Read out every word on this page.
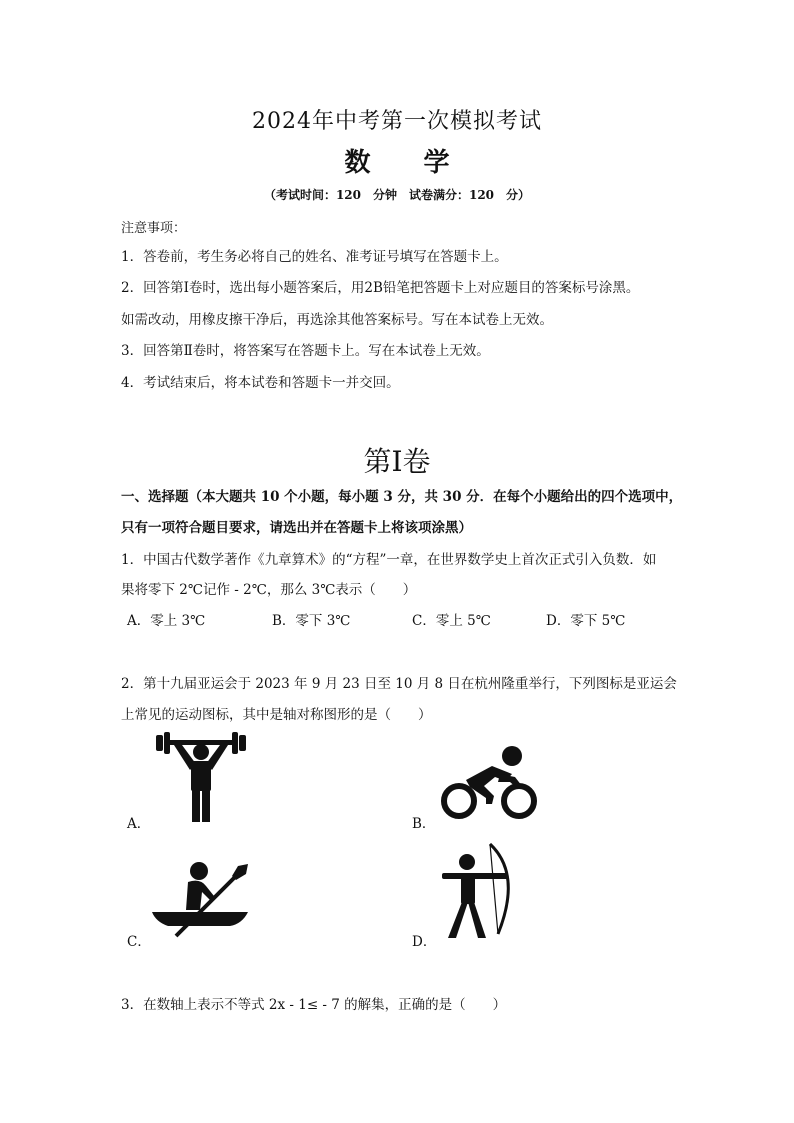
2024年中考第一次模拟考试
数 学
（考试时间：120　分钟　试卷满分：120　分）
注意事项：
1．答卷前，考生务必将自己的姓名、准考证号填写在答题卡上。
2．回答第Ⅰ卷时，选出每小题答案后，用2B铅笔把答题卡上对应题目的答案标号涂黑。
如需改动，用橡皮擦干净后，再选涂其他答案标号。写在本试卷上无效。
3．回答第Ⅱ卷时，将答案写在答题卡上。写在本试卷上无效。
4．考试结束后，将本试卷和答题卡一并交回。
第Ⅰ卷
一、选择题（本大题共 10 个小题，每小题 3 分，共 30 分．在每个小题给出的四个选项中，
只有一项符合题目要求，请选出并在答题卡上将该项涂黑）
1．中国古代数学著作《九章算术》的“方程”一章，在世界数学史上首次正式引入负数．如
果将零下 2℃记作 - 2℃，那么 3℃表示（　　）
A．零上 3℃	B．零下 3℃	C．零上 5℃	D．零下 5℃
2．第十九届亚运会于 2023 年 9 月 23 日至 10 月 8 日在杭州隆重举行，下列图标是亚运会
上常见的运动图标，其中是轴对称图形的是（　　）
A．	B．
C．	D．
3．在数轴上表示不等式 2x - 1≤ - 7 的解集，正确的是（　　）
